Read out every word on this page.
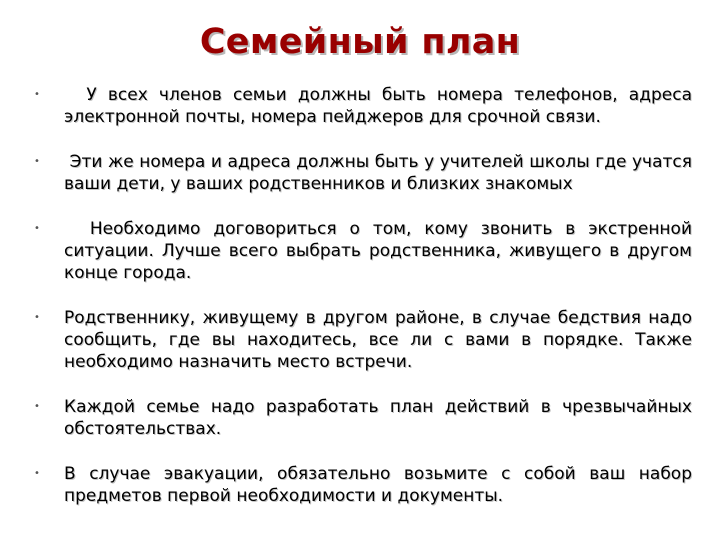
Семейный план
• У всех членов семьи должны быть номера телефонов, адреса электронной почты, номера пейджеров для срочной связи.
• Эти же номера и адреса должны быть у учителей школы где учатся ваши дети, у ваших родственников и близких знакомых
• Необходимо договориться о том, кому звонить в экстренной ситуации. Лучше всего выбрать родственника, живущего в другом конце города.
• Родственнику, живущему в другом районе, в случае бедствия надо сообщить, где вы находитесь, все ли с вами в порядке. Также необходимо назначить место встречи.
• Каждой семье надо разработать план действий в чрезвычайных обстоятельствах.
• В случае эвакуации, обязательно возьмите с собой ваш набор предметов первой необходимости и документы.
